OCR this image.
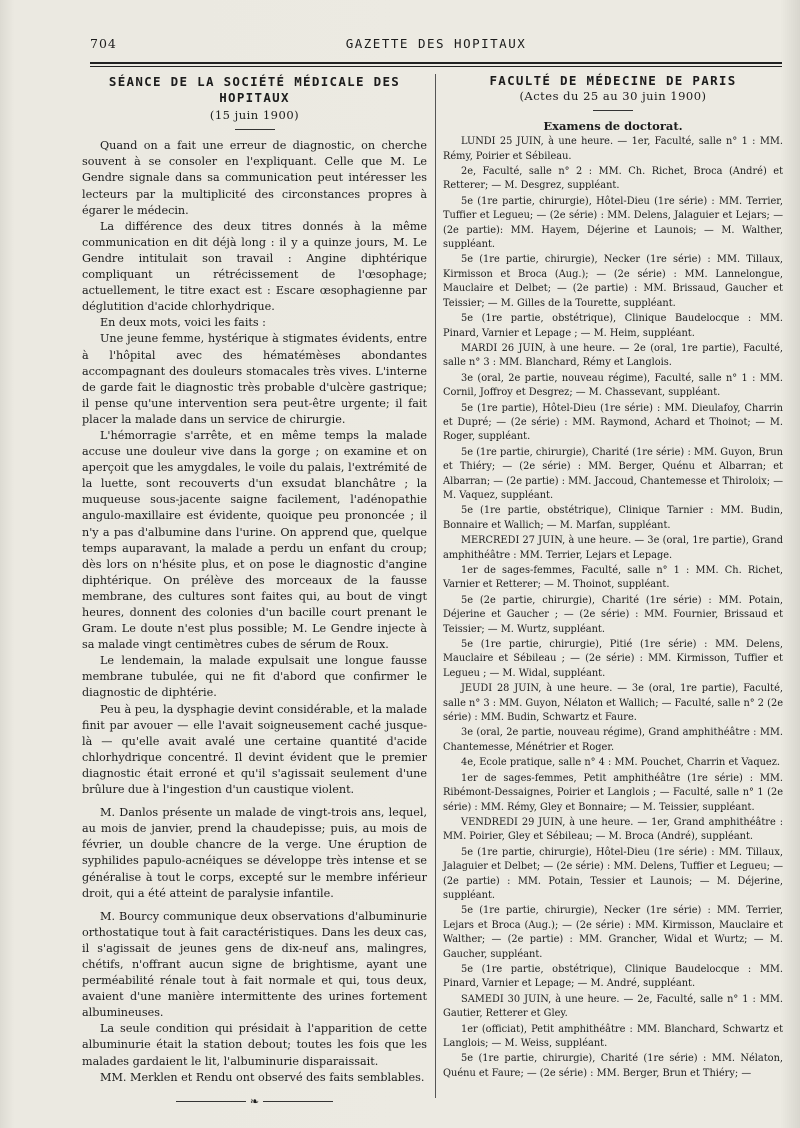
704	GAZETTE DES HOPITAUX
SÉANCE DE LA SOCIÉTÉ MÉDICALE DES HOPITAUX
(15 juin 1900)

Quand on a fait une erreur de diagnostic, on cherche souvent à se consoler en l'expliquant. Celle que M. Le Gendre signale dans sa communication peut intéresser les lecteurs par la multiplicité des circonstances propres à égarer le médecin.

La différence des deux titres donnés à la même communication en dit déjà long : il y a quinze jours, M. Le Gendre intitulait son travail : Angine diphtérique compliquant un rétrécissement de l'œsophage; actuellement, le titre exact est : Escare œsophagienne par déglutition d'acide chlorhydrique.

En deux mots, voici les faits :

Une jeune femme, hystérique à stigmates évidents, entre à l'hôpital avec des hématémèses abondantes accompagnant des douleurs stomacales très vives. L'interne de garde fait le diagnostic très probable d'ulcère gastrique; il pense qu'une intervention sera peut-être urgente; il fait placer la malade dans un service de chirurgie.

L'hémorragie s'arrête, et en même temps la malade accuse une douleur vive dans la gorge ; on examine et on aperçoit que les amygdales, le voile du palais, l'extrémité de la luette, sont recouverts d'un exsudat blanchâtre ; la muqueuse sous-jacente saigne facilement, l'adénopathie angulo-maxillaire est évidente, quoique peu prononcée ; il n'y a pas d'albumine dans l'urine. On apprend que, quelque temps auparavant, la malade a perdu un enfant du croup; dès lors on n'hésite plus, et on pose le diagnostic d'angine diphtérique. On prélève des morceaux de la fausse membrane, des cultures sont faites qui, au bout de vingt heures, donnent des colonies d'un bacille court prenant le Gram. Le doute n'est plus possible; M. Le Gendre injecte à sa malade vingt centimètres cubes de sérum de Roux.

Le lendemain, la malade expulsait une longue fausse membrane tubulée, qui ne fit d'abord que confirmer le diagnostic de diphtérie.

Peu à peu, la dysphagie devint considérable, et la malade finit par avouer — elle l'avait soigneusement caché jusque-là — qu'elle avait avalé une certaine quantité d'acide chlorhydrique concentré. Il devint évident que le premier diagnostic était erroné et qu'il s'agissait seulement d'une brûlure due à l'ingestion d'un caustique violent.

M. Danlos présente un malade de vingt-trois ans, lequel, au mois de janvier, prend la chaudepisse; puis, au mois de février, un double chancre de la verge. Une éruption de syphilides papulo-acnéiques se développe très intense et se généralise à tout le corps, excepté sur le membre inférieur droit, qui a été atteint de paralysie infantile.

M. Bourcy communique deux observations d'albuminurie orthostatique tout à fait caractéristiques. Dans les deux cas, il s'agissait de jeunes gens de dix-neuf ans, malingres, chétifs, n'offrant aucun signe de brightisme, ayant une perméabilité rénale tout à fait normale et qui, tous deux, avaient d'une manière intermittente des urines fortement albumineuses.

La seule condition qui présidait à l'apparition de cette albuminurie était la station debout; toutes les fois que les malades gardaient le lit, l'albuminurie disparaissait.

MM. Merklen et Rendu ont observé des faits semblables.

❧
FACULTÉ DE MÉDECINE DE PARIS
(Actes du 25 au 30 juin 1900)
Examens de doctorat.

LUNDI 25 JUIN, à une heure. — 1er, Faculté, salle n° 1 : MM. Rémy, Poirier et Sébileau.

2e, Faculté, salle n° 2 : MM. Ch. Richet, Broca (André) et Retterer; — M. Desgrez, suppléant.

5e (1re partie, chirurgie), Hôtel-Dieu (1re série) : MM. Terrier, Tuffier et Legueu; — (2e série) : MM. Delens, Jalaguier et Lejars; — (2e partie): MM. Hayem, Déjerine et Launois; — M. Walther, suppléant.

5e (1re partie, chirurgie), Necker (1re série) : MM. Tillaux, Kirmisson et Broca (Aug.); — (2e série) : MM. Lannelongue, Mauclaire et Delbet; — (2e partie) : MM. Brissaud, Gaucher et Teissier; — M. Gilles de la Tourette, suppléant.

5e (1re partie, obstétrique), Clinique Baudelocque : MM. Pinard, Varnier et Lepage ; — M. Heim, suppléant.

MARDI 26 JUIN, à une heure. — 2e (oral, 1re partie), Faculté, salle n° 3 : MM. Blanchard, Rémy et Langlois.

3e (oral, 2e partie, nouveau régime), Faculté, salle n° 1 : MM. Cornil, Joffroy et Desgrez; — M. Chassevant, suppléant.

5e (1re partie), Hôtel-Dieu (1re série) : MM. Dieulafoy, Charrin et Dupré; — (2e série) : MM. Raymond, Achard et Thoinot; — M. Roger, suppléant.

5e (1re partie, chirurgie), Charité (1re série) : MM. Guyon, Brun et Thiéry; — (2e série) : MM. Berger, Quénu et Albarran; et Albarran; — (2e partie) : MM. Jaccoud, Chantemesse et Thiroloix; — M. Vaquez, suppléant.

5e (1re partie, obstétrique), Clinique Tarnier : MM. Budin, Bonnaire et Wallich; — M. Marfan, suppléant.

MERCREDI 27 JUIN, à une heure. — 3e (oral, 1re partie), Grand amphithéâtre : MM. Terrier, Lejars et Lepage.

1er de sages-femmes, Faculté, salle n° 1 : MM. Ch. Richet, Varnier et Retterer; — M. Thoinot, suppléant.

5e (2e partie, chirurgie), Charité (1re série) : MM. Potain, Déjerine et Gaucher ; — (2e série) : MM. Fournier, Brissaud et Teissier; — M. Wurtz, suppléant.

5e (1re partie, chirurgie), Pitié (1re série) : MM. Delens, Mauclaire et Sébileau ; — (2e série) : MM. Kirmisson, Tuffier et Legueu ; — M. Widal, suppléant.

JEUDI 28 JUIN, à une heure. — 3e (oral, 1re partie), Faculté, salle n° 3 : MM. Guyon, Nélaton et Wallich; — Faculté, salle n° 2 (2e série) : MM. Budin, Schwartz et Faure.

3e (oral, 2e partie, nouveau régime), Grand amphithéâtre : MM. Chantemesse, Ménétrier et Roger.

4e, Ecole pratique, salle n° 4 : MM. Pouchet, Charrin et Vaquez.

1er de sages-femmes, Petit amphithéâtre (1re série) : MM. Ribémont-Dessaignes, Poirier et Langlois ; — Faculté, salle n° 1 (2e série) : MM. Rémy, Gley et Bonnaire; — M. Teissier, suppléant.

VENDREDI 29 JUIN, à une heure. — 1er, Grand amphithéâtre : MM. Poirier, Gley et Sébileau; — M. Broca (André), suppléant.

5e (1re partie, chirurgie), Hôtel-Dieu (1re série) : MM. Tillaux, Jalaguier et Delbet; — (2e série) : MM. Delens, Tuffier et Legueu; — (2e partie) : MM. Potain, Tessier et Launois; — M. Déjerine, suppléant.

5e (1re partie, chirurgie), Necker (1re série) : MM. Terrier, Lejars et Broca (Aug.); — (2e série) : MM. Kirmisson, Mauclaire et Walther; — (2e partie) : MM. Grancher, Widal et Wurtz; — M. Gaucher, suppléant.

5e (1re partie, obstétrique), Clinique Baudelocque : MM. Pinard, Varnier et Lepage; — M. André, suppléant.

SAMEDI 30 JUIN, à une heure. — 2e, Faculté, salle n° 1 : MM. Gautier, Retterer et Gley.

1er (officiat), Petit amphithéâtre : MM. Blanchard, Schwartz et Langlois; — M. Weiss, suppléant.

5e (1re partie, chirurgie), Charité (1re série) : MM. Nélaton, Quénu et Faure; — (2e série) : MM. Berger, Brun et Thiéry; —
